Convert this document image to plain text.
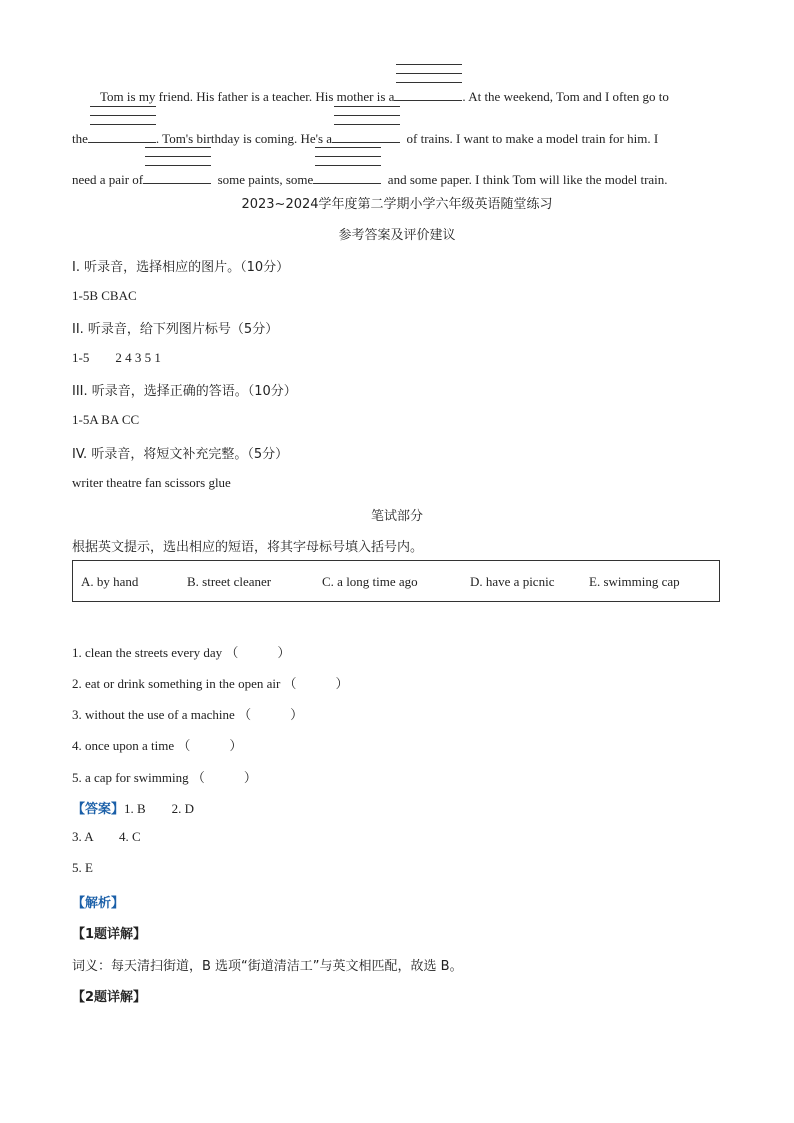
Tom is my friend. His father is a teacher. His mother is a	. At the weekend, Tom and I often go to
the	. Tom's birthday is coming. He's a	of trains. I want to make a model train for him. I
need a pair of	some paints, some	and some paper. I think Tom will like the model train.
2023~2024学年度第二学期小学六年级英语随堂练习
参考答案及评价建议
I. 听录音，选择相应的图片。（10分）
1-5B CBAC
II. 听录音，给下列图片标号（5分）
1-5        2 4 3 5 1
III. 听录音，选择正确的答语。（10分）
1-5A BA CC
IV. 听录音，将短文补充完整。（5分）
writer theatre fan scissors glue
笔试部分
根据英文提示，选出相应的短语，将其字母标号填入括号内。
A. by hand	B. street cleaner	C. a long time ago	D. have a picnic	E. swimming cap
1. clean the streets every day （　　　）
2. eat or drink something in the open air （　　　）
3. without the use of a machine （　　　）
4. once upon a time （　　　）
5. a cap for swimming （　　　）
【答案】1. B        2. D
3. A        4. C
5. E
【解析】
【1题详解】
词义：每天清扫街道，B 选项“街道清洁工”与英文相匹配，故选 B。
【2题详解】
